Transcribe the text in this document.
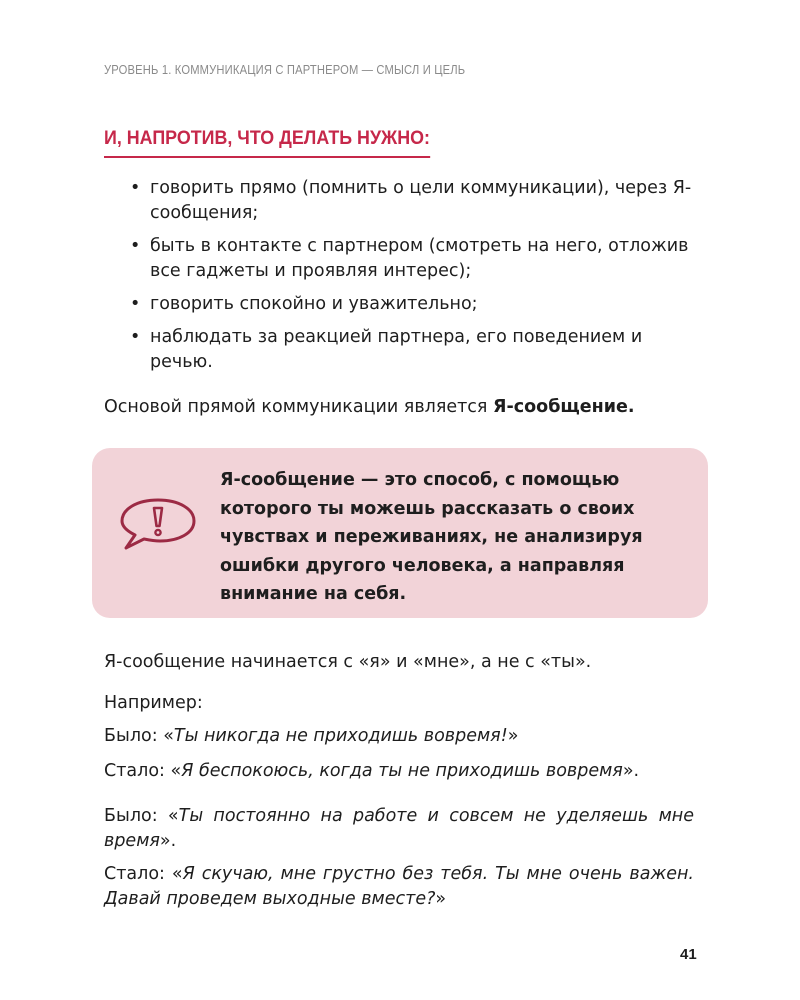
УРОВЕНЬ 1. КОММУНИКАЦИЯ С ПАРТНЕРОМ — СМЫСЛ И ЦЕЛЬ
И, НАПРОТИВ, ЧТО ДЕЛАТЬ НУЖНО:
• говорить прямо (помнить о цели коммуникации), через Я-сообщения;
• быть в контакте с партнером (смотреть на него, отложив все гаджеты и проявляя интерес);
• говорить спокойно и уважительно;
• наблюдать за реакцией партнера, его поведением и речью.
Основой прямой коммуникации является Я-сообщение.
Я-сообщение — это способ, с помощью которого ты можешь рассказать о своих чувствах и переживаниях, не анализируя ошибки другого человека, а направляя внимание на себя.
Я-сообщение начинается с «я» и «мне», а не с «ты».
Например:
Было: «Ты никогда не приходишь вовремя!»
Стало: «Я беспокоюсь, когда ты не приходишь вовремя».
Было: «Ты постоянно на работе и совсем не уделяешь мне время».
Стало: «Я скучаю, мне грустно без тебя. Ты мне очень важен. Давай проведем выходные вместе?»
41
